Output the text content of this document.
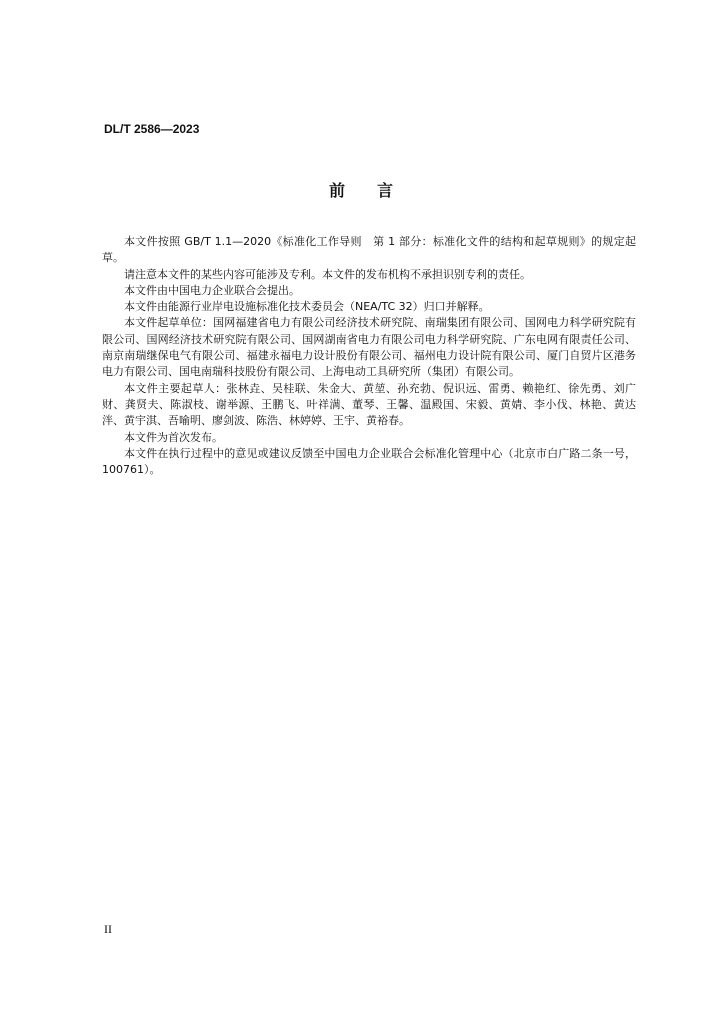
DL/T 2586—2023
前 言

本文件按照 GB/T 1.1—2020《标准化工作导则　第 1 部分：标准化文件的结构和起草规则》的规定起草。

请注意本文件的某些内容可能涉及专利。本文件的发布机构不承担识别专利的责任。

本文件由中国电力企业联合会提出。

本文件由能源行业岸电设施标准化技术委员会（NEA/TC 32）归口并解释。

本文件起草单位：国网福建省电力有限公司经济技术研究院、南瑞集团有限公司、国网电力科学研究院有限公司、国网经济技术研究院有限公司、国网湖南省电力有限公司电力科学研究院、广东电网有限责任公司、南京南瑞继保电气有限公司、福建永福电力设计股份有限公司、福州电力设计院有限公司、厦门自贸片区港务电力有限公司、国电南瑞科技股份有限公司、上海电动工具研究所（集团）有限公司。

本文件主要起草人：张林垚、吴桂联、朱金大、黄堃、孙充勃、倪识远、雷勇、赖艳红、徐先勇、刘广财、龚贤夫、陈淑枝、谢举源、王鹏飞、叶祥满、董琴、王馨、温殿国、宋毅、黄婧、李小伐、林艳、黄达泮、黄宇淇、吾喻明、廖剑波、陈浩、林婷婷、王宇、黄裕春。

本文件为首次发布。

本文件在执行过程中的意见或建议反馈至中国电力企业联合会标准化管理中心（北京市白广路二条一号，100761）。

II
